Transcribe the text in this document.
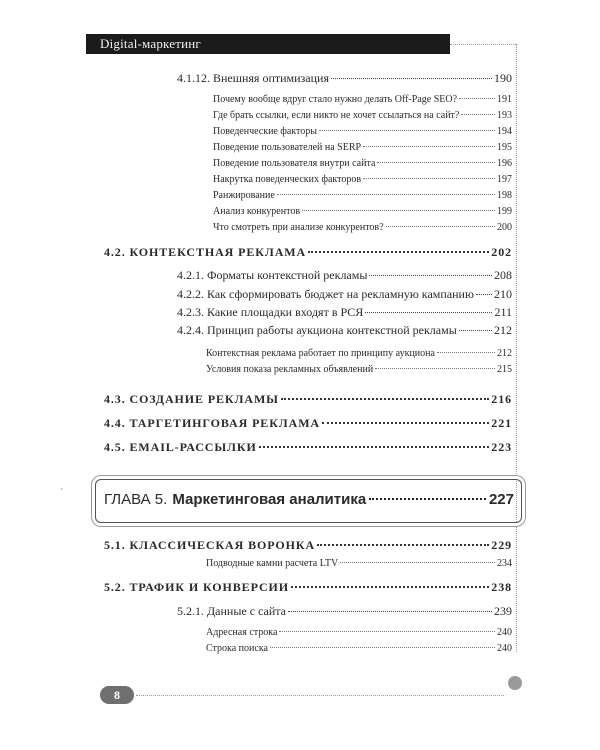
Digital-маркетинг
´
4.1.12. Внешняя оптимизация	190
Почему вообще вдруг стало нужно делать Off-Page SEO?	191
Где брать ссылки, если никто не хочет ссылаться на сайт?	193
Поведенческие факторы	194
Поведение пользователей на SERP	195
Поведение пользователя внутри сайта	196
Накрутка поведенческих факторов	197
Ранжирование	198
Анализ конкурентов	199
Что смотреть при анализе конкурентов?	200
4.2. КОНТЕКСТНАЯ РЕКЛАМА	202
4.2.1. Форматы контекстной рекламы	208
4.2.2. Как сформировать бюджет на рекламную кампанию 210
4.2.3. Какие площадки входят в РСЯ	211
4.2.4. Принцип работы аукциона контекстной рекламы	212
Контекстная реклама работает по принципу аукциона	212
Условия показа рекламных объявлений	215
4.3. СОЗДАНИЕ РЕКЛАМЫ	216
4.4. ТАРГЕТИНГОВАЯ РЕКЛАМА	221
4.5. EMAIL-РАССЫЛКИ	223
ГЛАВА 5. Маркетинговая аналитика	227
5.1. КЛАССИЧЕСКАЯ ВОРОНКА	229
Подводные камни расчета LTV	234
5.2. ТРАФИК И КОНВЕРСИИ	238
5.2.1. Данные с сайта	239
Адресная строка	240
Строка поиска	240
8
